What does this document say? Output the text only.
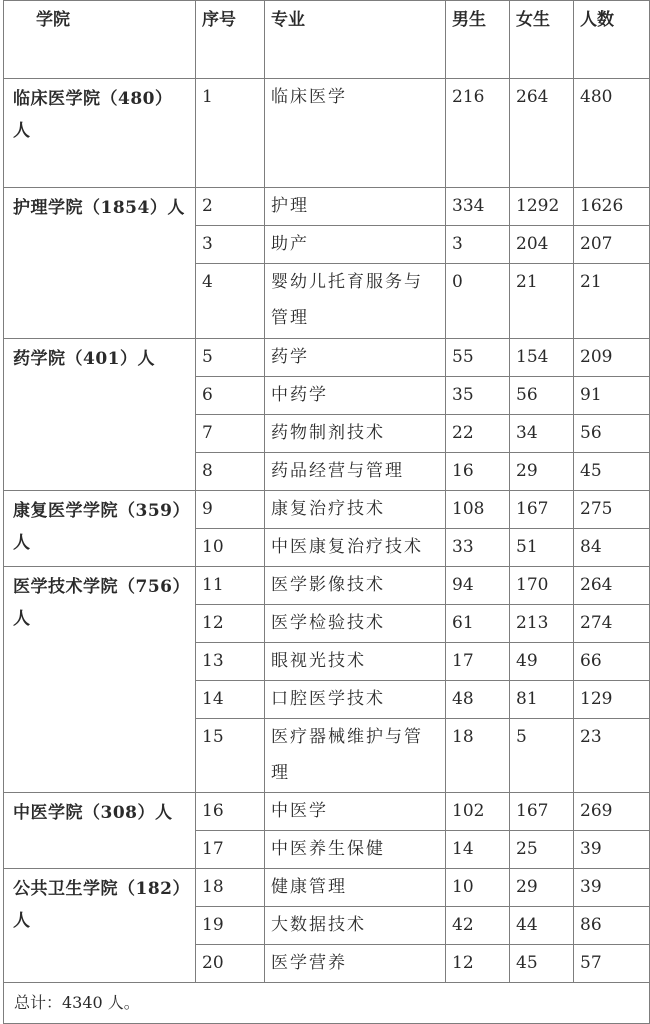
学院	序号	专业	男生	女生	人数
临床医学院（480）人	1	临床医学	216	264	480
护理学院（1854）人	2	护理	334	1292	1626
	3	助产	3	204	207
	4	婴幼儿托育服务与管理	0	21	21
药学院（401）人	5	药学	55	154	209
	6	中药学	35	56	91
	7	药物制剂技术	22	34	56
	8	药品经营与管理	16	29	45
康复医学学院（359）人	9	康复治疗技术	108	167	275
	10	中医康复治疗技术	33	51	84
医学技术学院（756）人	11	医学影像技术	94	170	264
	12	医学检验技术	61	213	274
	13	眼视光技术	17	49	66
	14	口腔医学技术	48	81	129
	15	医疗器械维护与管理	18	5	23
中医学院（308）人	16	中医学	102	167	269
	17	中医养生保健	14	25	39
公共卫生学院（182）人	18	健康管理	10	29	39
	19	大数据技术	42	44	86
	20	医学营养	12	45	57
总计：4340 人。					
